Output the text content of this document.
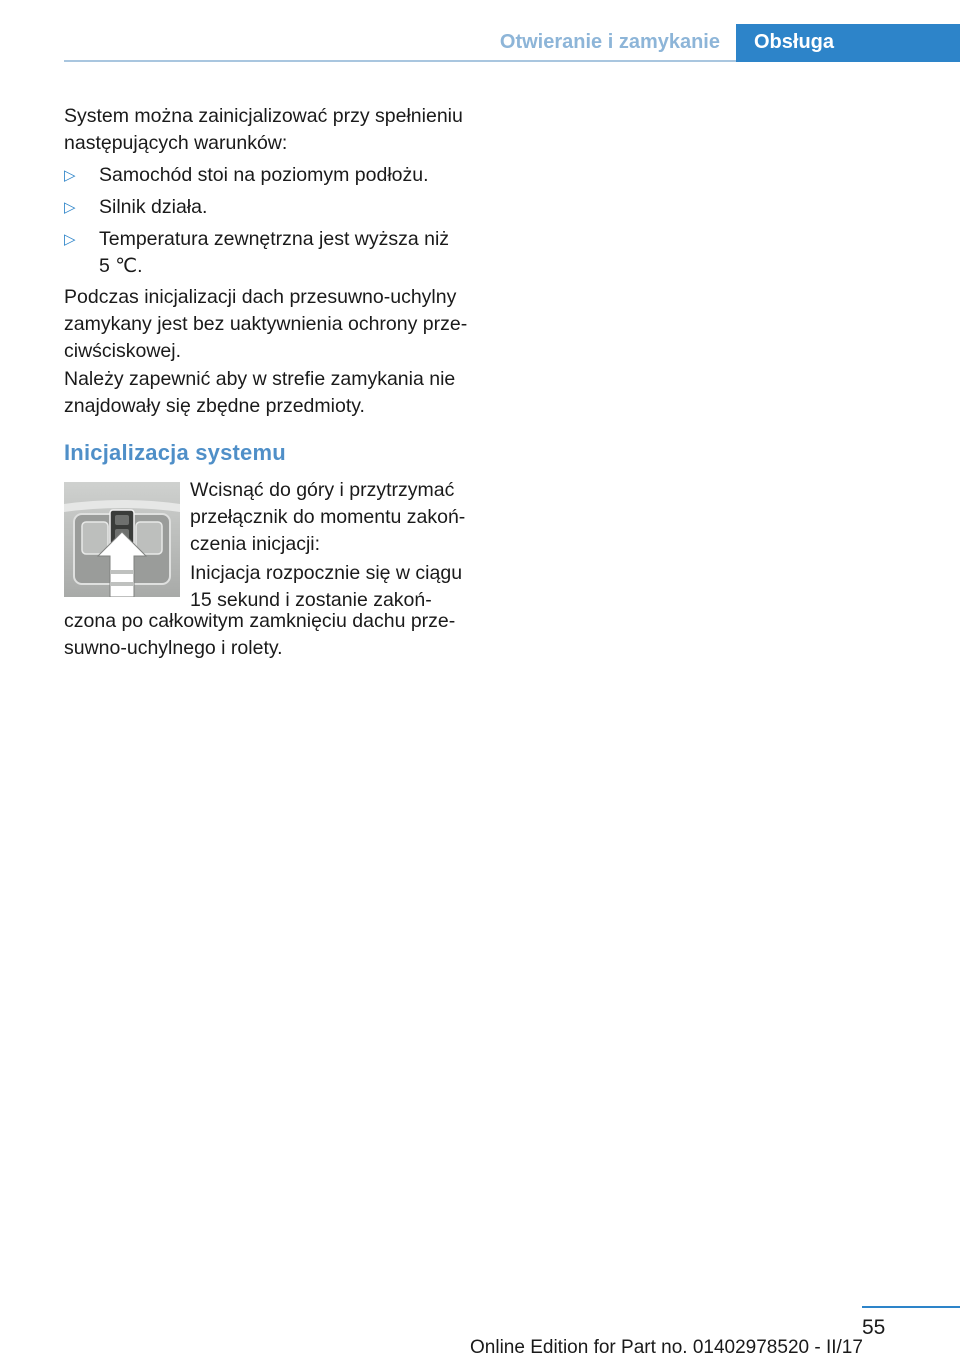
Otwieranie i zamykanie Obsługa

System można zainicjalizować przy spełnieniu

następujących warunków:

▷ Samochód stoi na poziomym podłożu.

▷ Silnik działa.

▷ Temperatura zewnętrzna jest wyższa niż

5 ℃.

Podczas inicjalizacji dach przesuwno-uchylny

zamykany jest bez uaktywnienia ochrony prze-

ciwściskowej.

Należy zapewnić aby w strefie zamykania nie

znajdowały się zbędne przedmioty.

Inicjalizacja systemu

Wcisnąć do góry i przytrzymać

przełącznik do momentu zakoń-

czenia inicjacji:

Inicjacja rozpocznie się w ciągu

15 sekund i zostanie zakoń-

czona po całkowitym zamknięciu dachu prze-

suwno-uchylnego i rolety.

55
Online Edition for Part no. 01402978520 - II/17
